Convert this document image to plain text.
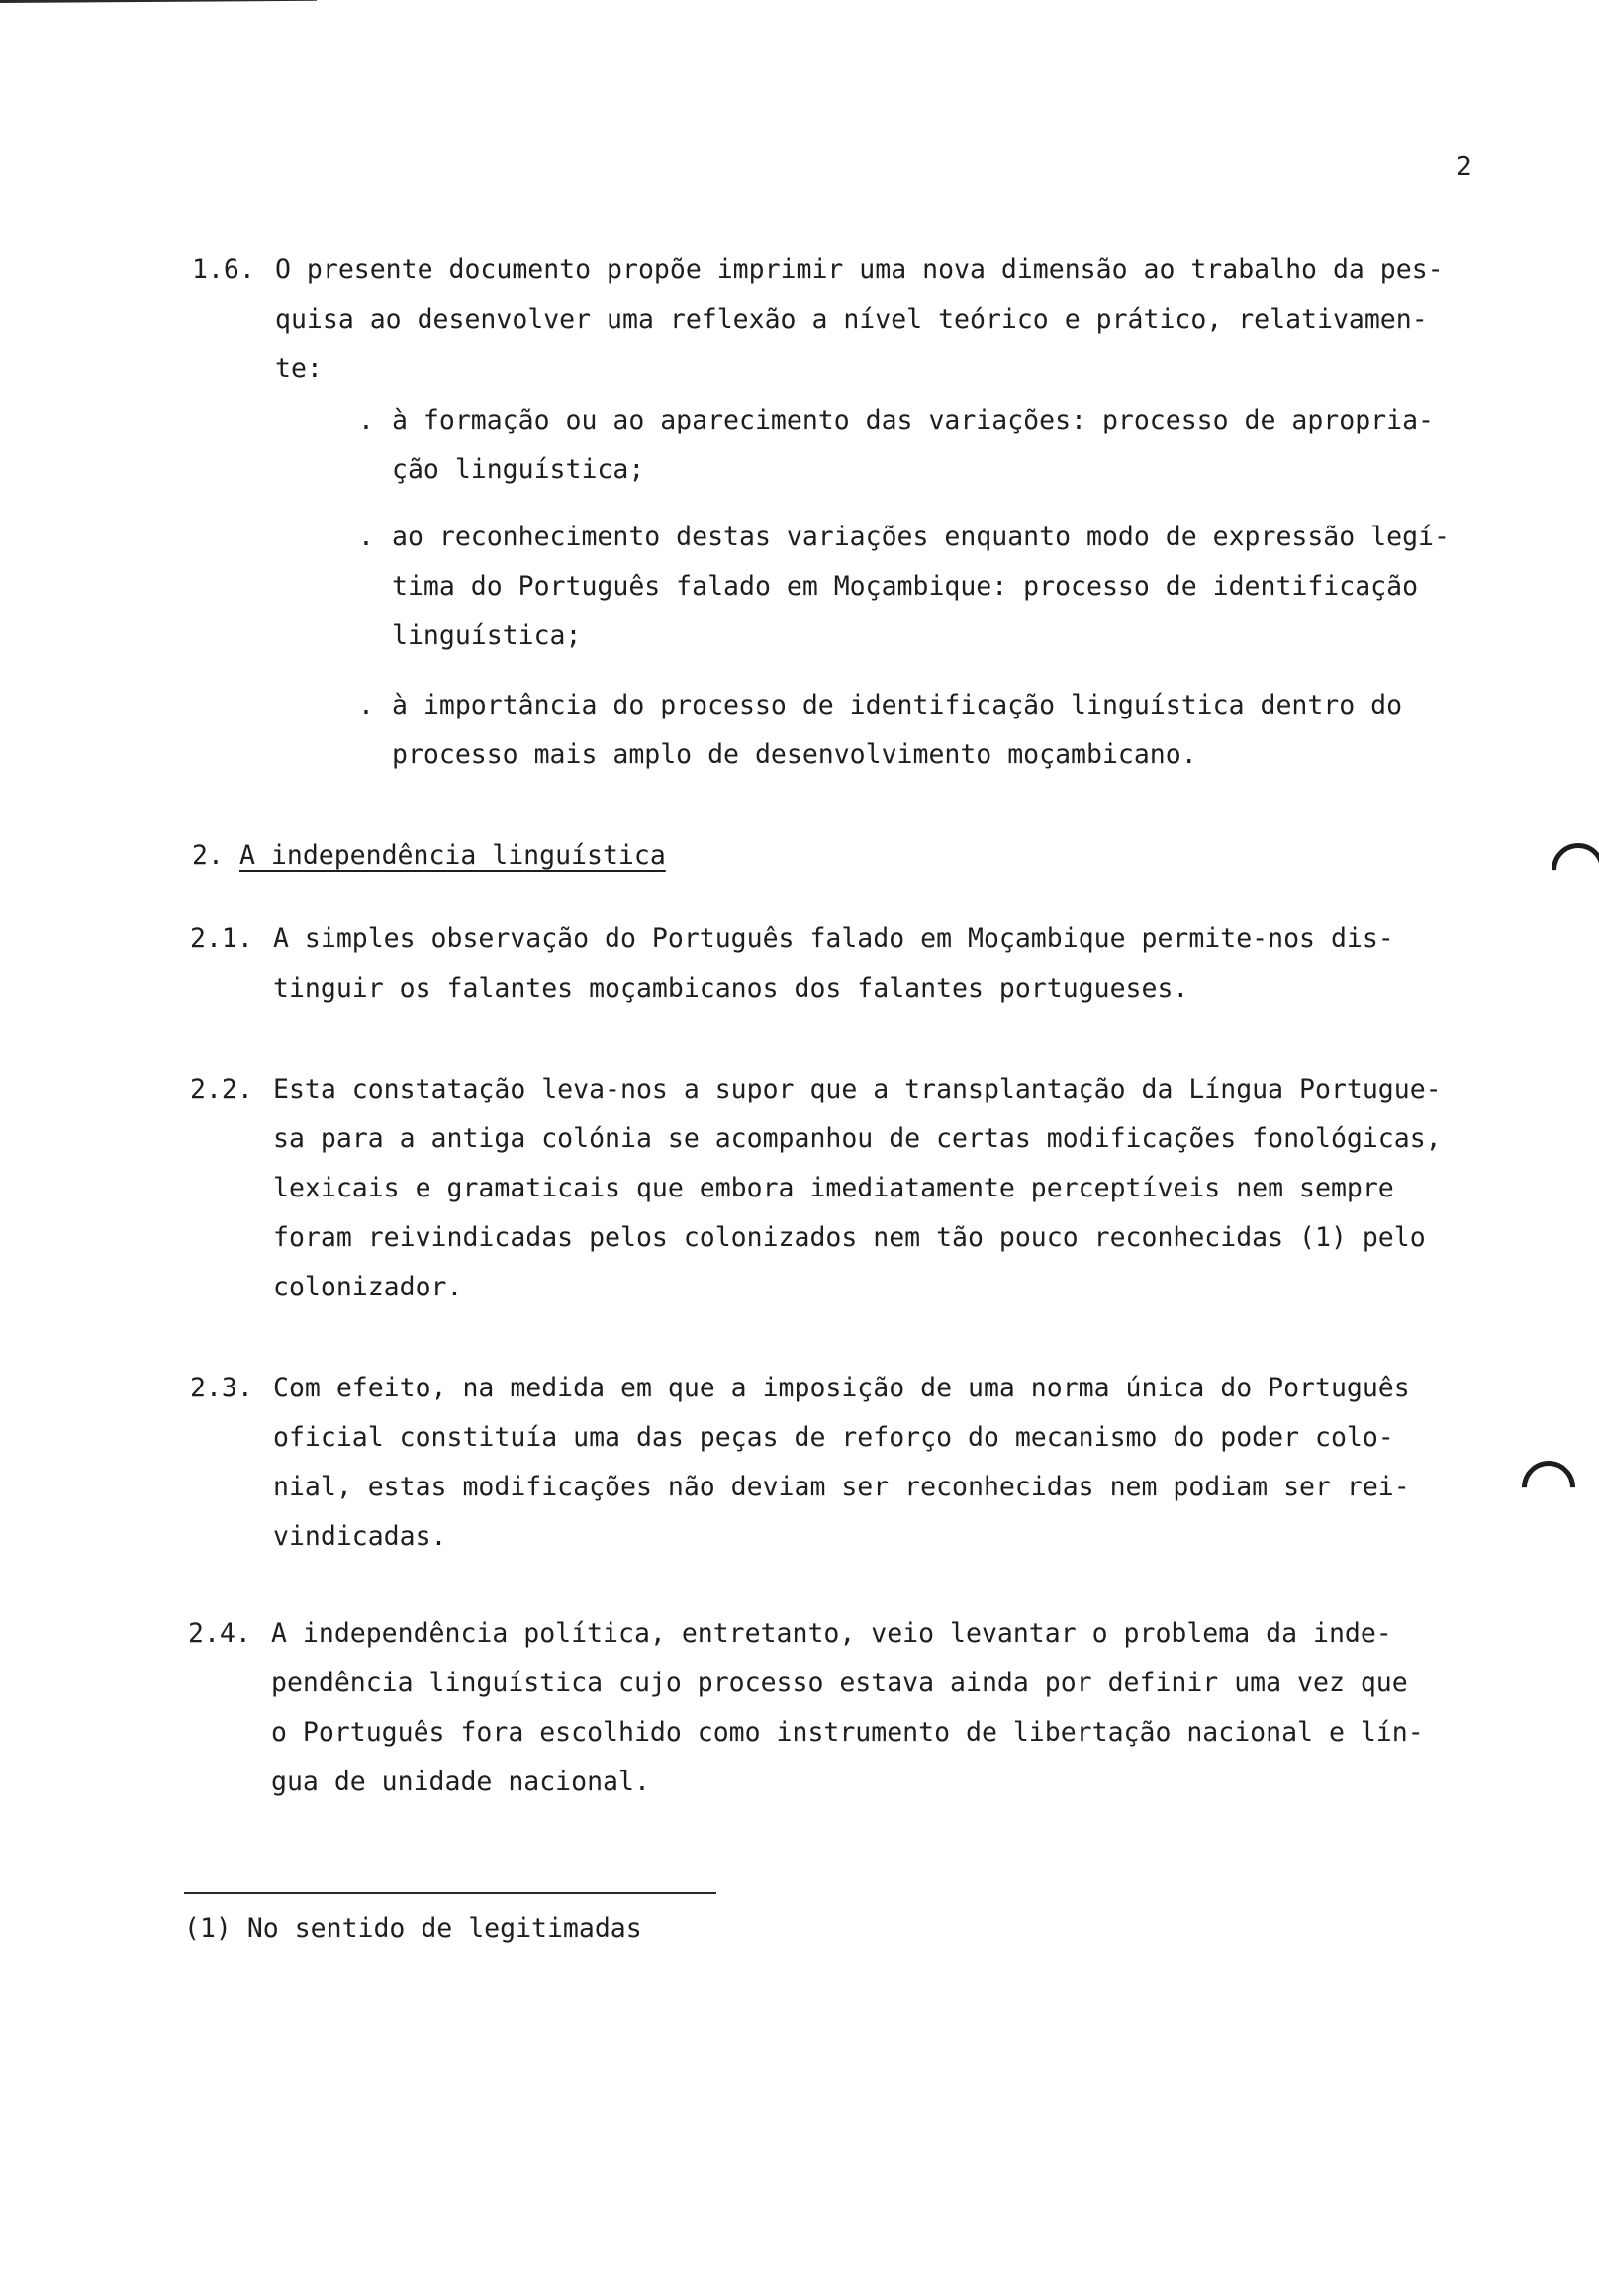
2
1.6. O presente documento propõe imprimir uma nova dimensão ao trabalho da pes-
quisa ao desenvolver uma reflexão a nível teórico e prático, relativamen-
te:
. à formação ou ao aparecimento das variações: processo de apropria-
ção linguística;
. ao reconhecimento destas variações enquanto modo de expressão legí-
tima do Português falado em Moçambique: processo de identificação
linguística;
. à importância do processo de identificação linguística dentro do
processo mais amplo de desenvolvimento moçambicano.
2. A independência linguística
2.1. A simples observação do Português falado em Moçambique permite-nos dis-
tinguir os falantes moçambicanos dos falantes portugueses.
2.2. Esta constatação leva-nos a supor que a transplantação da Língua Portugue-
sa para a antiga colónia se acompanhou de certas modificações fonológicas,
lexicais e gramaticais que embora imediatamente perceptíveis nem sempre
foram reivindicadas pelos colonizados nem tão pouco reconhecidas (1) pelo
colonizador.
2.3. Com efeito, na medida em que a imposição de uma norma única do Português
oficial constituía uma das peças de reforço do mecanismo do poder colo-
nial, estas modificações não deviam ser reconhecidas nem podiam ser rei-
vindicadas.
2.4. A independência política, entretanto, veio levantar o problema da inde-
pendência linguística cujo processo estava ainda por definir uma vez que
o Português fora escolhido como instrumento de libertação nacional e lín-
gua de unidade nacional.
(1) No sentido de legitimadas
